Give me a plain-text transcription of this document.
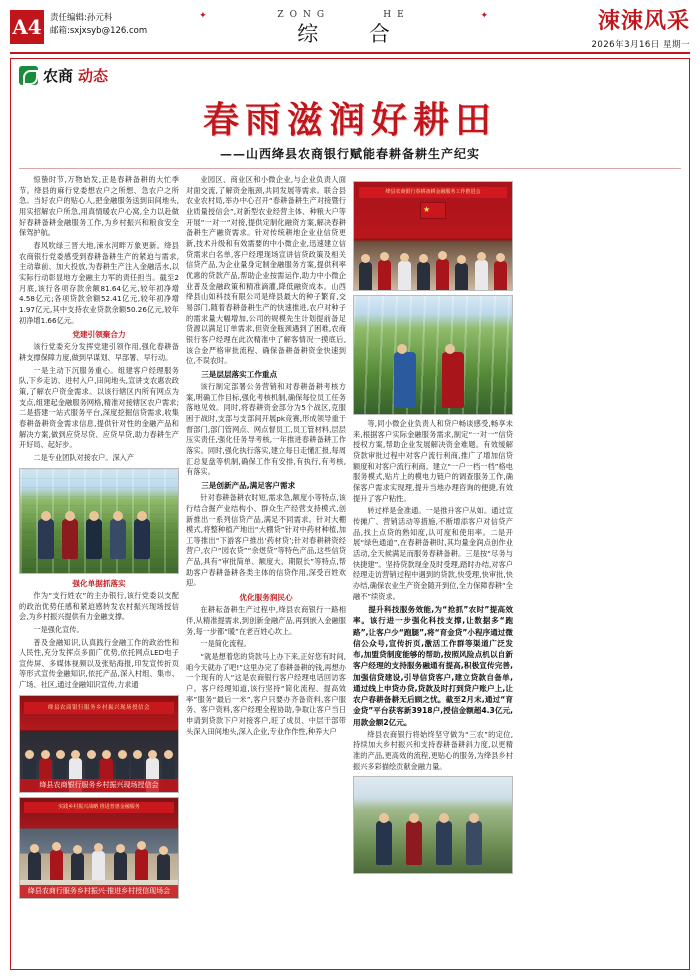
A4 责任编辑:孙元科
邮箱:sxjxsyb@126.com
✦	✦
ZONG	HE
综 合	涑涑风采
2026年3月16日 星期一
农商 动态
春雨滋润好耕田
——山西绛县农商银行赋能春耕备耕生产纪实

惊蛰时节,万物始发,正是春耕备耕的大忙季节。绛县的麻行党委想农户之所想、急农户之所急。当好农户的贴心人,把金融服务送到田间地头,用实招解农户所急,用真情暖农户心窝,全力以赴做好春耕备耕金融服务工作,为乡村振兴和粮食安全保驾护航。

春风吹绿三晋大地,涑水河畔万象更新。绛县农商银行党委感受到春耕备耕生产的紧迫与需求,主动靠前、加大投放,为春耕生产注入金融活水,以实际行动彰显地方金融主力军的责任担当。截至2月底,该行各项存款余额81.64亿元,较年初净增4.58亿元;各项贷款余额52.41亿元,较年初净增1.97亿元,其中支持农业贷款余额50.26亿元,较年初净增1.66亿元。

党建引领聚合力

该行党委充分发挥党建引领作用,强化春耕备耕支撑保障力度,做到早谋划、早部署、早行动。

一是主动下沉服务重心。组建客户经理服务队,下乡走访、进村入户,田间地头,宣讲支农惠农政策,了解农户资金需求。以该行辖区内所有网点为支点,组建起金融服务网格,精准对接辖区农户需求;二是搭建一站式服务平台,深度挖掘信贷需求,收集春耕备耕资金需求信息,提供针对性的金融产品和解决方案,做到应贷尽贷、应贷早贷,助力春耕生产开好局、起好步。

二是专业团队对接农户。深入产

强化单据抓落实

作为“支行姓农”的主办银行,该行党委以支配的政治优势任感和紧迫感转发农村振兴现场授信会,为乡村振兴提供有力金融支撑。

一是强化宣传。

普及金融知识,认真践行金融工作的政治性和人民性,充分发挥点多面广优势,依托网点LED电子宣传屏、多媒体视频以及张贴海报,印发宣传折页等形式宣传金融知识,依托产品,深入村组、集市、广场、社区,通过金融知识宣传,力求通

绛县农商银行服务乡村振兴现场授信会
绛县农商银行服务乡村振兴现场授信会
实践乡村振兴战略 推进普惠金融服务
绛县农商行服务乡村振兴·推进乡村授信现场会

业园区、商业区和小微企业,与企业负责人面对面交流,了解资金瓶颈,共同发展等需求。联合县农业农村局,举办中心召开“春耕备耕生产对接暨行业质量授信会”,对新型农业经营主体、种粮大户等开展“一对一”对接,提供定制化融资方案,解决春耕备耕生产融资需求。针对传统耕地企业业信贷更新,技术升级和有效需要的中小微企业,迅速建立信贷需求白名单,客户经理现场宣讲信贷政策及相关信贷产品,为企业量身定制金融服务方案,提供利率优惠的贷款产品,帮助企业按需运作,助力中小微企业普及金融政策和精准滴灌,降低融资成本。山西绛县山如科技有限公司是绛县最大的种子繁育,交易部门,随着春耕备耕生产的快速推进,农户对种子的需求量大幅增加,公司的规模先生计划提前备足货源以满足订单需求,但资金瓶颈遇到了困难,农商银行客户经理在此次精准中了解客情况一摸底后,该合金严格审批流程、确保备耕备耕资金快速到位,不误农时。

三是层层落实工作重点

该行制定部署公务营销和对春耕备耕考核方案,明确工作目标,强化考核机制,确保每位员工任务落地见效。同时,将春耕资金部分为5个战区,克服困于战时,支部与支部间开展pk竞赛,形成领导重于督部门,部门管网点、网点督员工,员工管材料,层层压实责任,强化任务导考核,一年推进春耕备耕工作落实。同时,强化执行落实,建立每日走懂汇报,每周汇总复盘等机制,确保工作有安排,有执行,有考核,有落实。

三是创新产品,满足客户需求

针对春耕备耕农时短,需求急,额度小等特点,该行结合掘产业结构小、群众生产经营支持模式,创新推出一系列信贷产品,满足不同需求。针对大棚模式,将整种植产地出“大棚贷”针对中药材种植,加工等推出“下游客户推出‘药材贷’;针对春耕耕资经营户,农户“园农贷”“余煜贷”等特色产品,这些信贷产品,具有“审批简单、额度大、期限长”等特点,帮助客户春耕备耕各类主体的信贷作用,深受百姓欢迎。

优化服务润民心

在耕耘备耕生产过程中,绛县农商银行一路相伴,从精准提需求,到创新金融产品,再到嵌入金融服务,每一步都“暖”在老百姓心坎上。

一是简化流程。

“就是想着您的贷款马上办下来,正好您有时间,咱今天就办了吧!”这里办完了春耕备耕的钱,再想办一个现有的人“这是农商银行客户经理电话回访客户。客户经理知道,该行坚持“简化流程、提高效率”服务“最后一米”,客户只要办齐备资料,客户服务、客户资料,客户经理全程协助,争取让客户当日申请到贷款下户对接客户,旺了成员、中层干部带头深入田间地头,深入企业,专业作作性,种养大户

绛县农商银行春耕备耕金融服务工作推进会
★

等,同小微企业负责人和贷户畅谈感受,畅享未来,根据客户实际金融服务需求,制定“一对一”信贷授权方案,帮助企业发展解决资金难题。有效缓解贷款审批过程中对客户流行利商,推广了增加信贷额度和对客户流行利商。建立“一户一档一档”格电服务模式,贴片上的模电力链户的调查服务工作,确保客户需求实现理,提升当地办理咨询的便捷,有效提升了客户粘性。

转过样是金准通。一是推升客户从如。通过宣传摊广、营销活动等措施,不断增添客户对信贷产品,找上点贷的熟知度,认可度和使用率。二是开展“绿色通道”,在春耕备耕时,其均量金润点创作业活动,全天候满足而服务春耕备耕。三是按“尽务与快捷建”。坚持贷款现金及时受理,踏时办结,对客户经理走访营销过程中遇到的贷款,快受理,快审批,快办结,确保农业生产资金随开到位,全力保障春耕“全融不”续资求。

提升科技服务效能,为“抢抓”农时”提高效率。该行进一步强化科技支撑,让数据多“跑路”,让客户少“跑腿”,将“育金贷”小程序通过微信公众号,宣传折页,激活工作群等渠道广泛发布,加盟贷制度能够的帮助,按照风险点机以自新客户经理的支持服务融通有提高,积极宣传完善,加强信贷建设,引导信贷客户,建立贷款自备单,通过线上申贷办贷,贷款及时打到贷户账户上,让农户春耕备耕无后顾之忧。截至2月末,通过“育金贷”平台获客新3918户,授信金额超4.3亿元,用款金额2亿元。

绛县农商银行将始终坚守做为“三农”的定位,持续加大乡村振兴和支持春耕备耕斜力度,以更精准的产品,更高效的流程,更贴心的服务,为绛县乡村振兴多彩描绘贡献金融力量。
